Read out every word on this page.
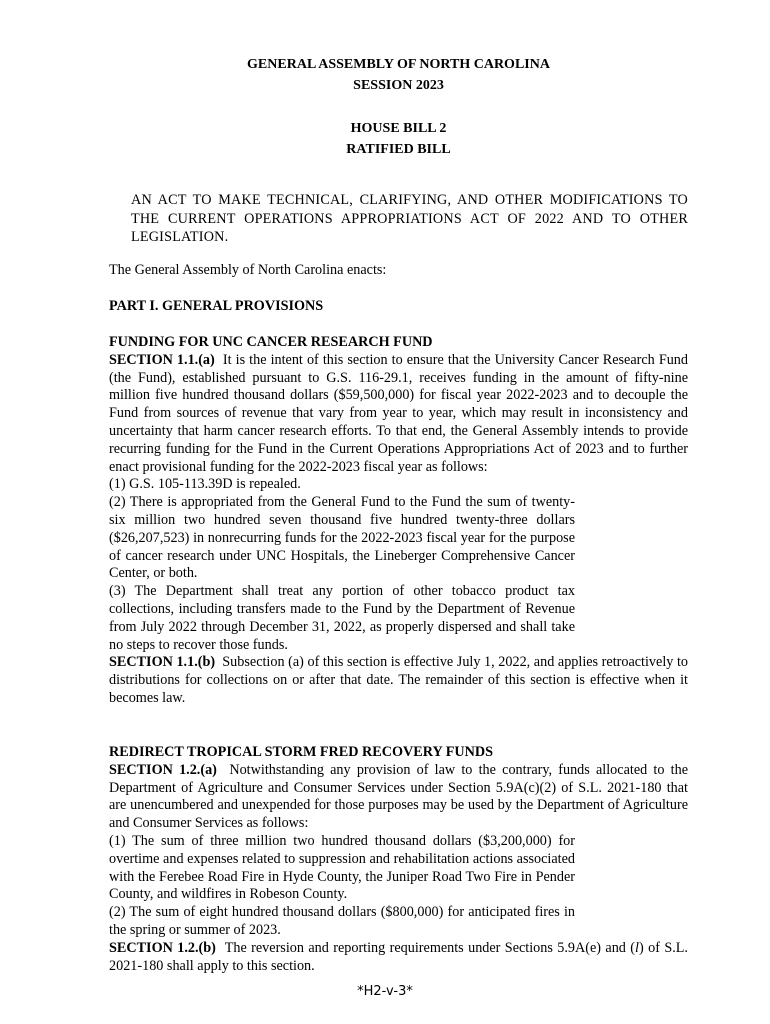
GENERAL ASSEMBLY OF NORTH CAROLINA
SESSION 2023
HOUSE BILL 2
RATIFIED BILL
AN ACT TO MAKE TECHNICAL, CLARIFYING, AND OTHER MODIFICATIONS TO THE CURRENT OPERATIONS APPROPRIATIONS ACT OF 2022 AND TO OTHER LEGISLATION.
The General Assembly of North Carolina enacts:
PART I. GENERAL PROVISIONS
FUNDING FOR UNC CANCER RESEARCH FUND

SECTION 1.1.(a) It is the intent of this section to ensure that the University Cancer Research Fund (the Fund), established pursuant to G.S. 116-29.1, receives funding in the amount of fifty-nine million five hundred thousand dollars ($59,500,000) for fiscal year 2022-2023 and to decouple the Fund from sources of revenue that vary from year to year, which may result in inconsistency and uncertainty that harm cancer research efforts. To that end, the General Assembly intends to provide recurring funding for the Fund in the Current Operations Appropriations Act of 2023 and to further enact provisional funding for the 2022-2023 fiscal year as follows:

(1) G.S. 105-113.39D is repealed.

(2) There is appropriated from the General Fund to the Fund the sum of twenty-six million two hundred seven thousand five hundred twenty-three dollars ($26,207,523) in nonrecurring funds for the 2022-2023 fiscal year for the purpose of cancer research under UNC Hospitals, the Lineberger Comprehensive Cancer Center, or both.

(3) The Department shall treat any portion of other tobacco product tax collections, including transfers made to the Fund by the Department of Revenue from July 2022 through December 31, 2022, as properly dispersed and shall take no steps to recover those funds.

SECTION 1.1.(b) Subsection (a) of this section is effective July 1, 2022, and applies retroactively to distributions for collections on or after that date. The remainder of this section is effective when it becomes law.

REDIRECT TROPICAL STORM FRED RECOVERY FUNDS

SECTION 1.2.(a) Notwithstanding any provision of law to the contrary, funds allocated to the Department of Agriculture and Consumer Services under Section 5.9A(c)(2) of S.L. 2021-180 that are unencumbered and unexpended for those purposes may be used by the Department of Agriculture and Consumer Services as follows:

(1) The sum of three million two hundred thousand dollars ($3,200,000) for overtime and expenses related to suppression and rehabilitation actions associated with the Ferebee Road Fire in Hyde County, the Juniper Road Two Fire in Pender County, and wildfires in Robeson County.

(2) The sum of eight hundred thousand dollars ($800,000) for anticipated fires in the spring or summer of 2023.

SECTION 1.2.(b) The reversion and reporting requirements under Sections 5.9A(e) and (l) of S.L. 2021-180 shall apply to this section.

*H2-v-3*
